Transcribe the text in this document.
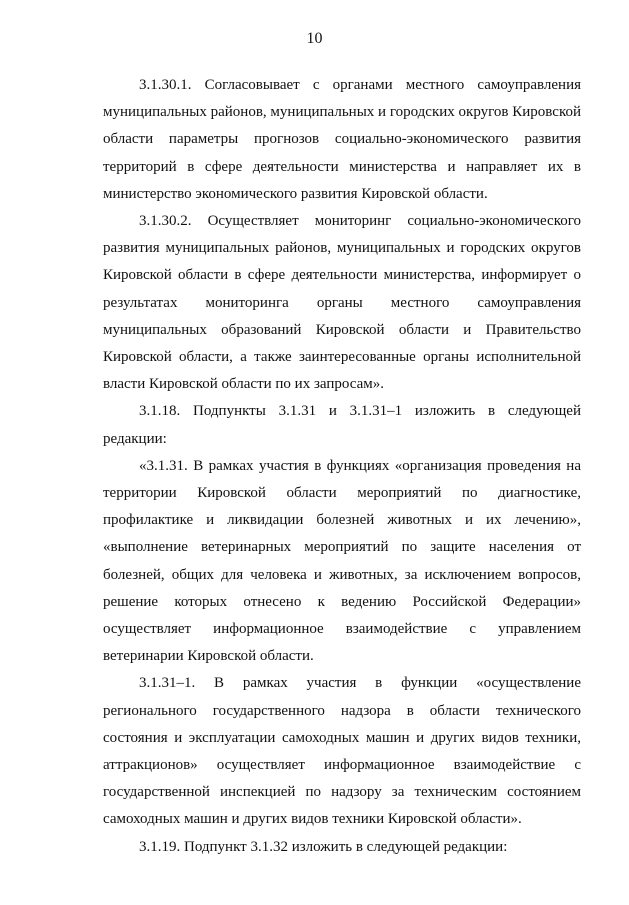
10

3.1.30.1. Согласовывает с органами местного самоуправления муниципальных районов, муниципальных и городских округов Кировской области параметры прогнозов социально-экономического развития территорий в сфере деятельности министерства и направляет их в министерство экономического развития Кировской области.

3.1.30.2. Осуществляет мониторинг социально-экономического развития муниципальных районов, муниципальных и городских округов Кировской области в сфере деятельности министерства, информирует о результатах мониторинга органы местного самоуправления муниципальных образований Кировской области и Правительство Кировской области, а также заинтересованные органы исполнительной власти Кировской области по их запросам».

3.1.18. Подпункты 3.1.31 и 3.1.31–1 изложить в следующей редакции:

«3.1.31. В рамках участия в функциях «организация проведения на территории Кировской области мероприятий по диагностике, профилактике и ликвидации болезней животных и их лечению», «выполнение ветеринарных мероприятий по защите населения от болезней, общих для человека и животных, за исключением вопросов, решение которых отнесено к ведению Российской Федерации» осуществляет информационное взаимодействие с управлением ветеринарии Кировской области.

3.1.31–1. В рамках участия в функции «осуществление регионального государственного надзора в области технического состояния и эксплуатации самоходных машин и других видов техники, аттракционов» осуществляет информационное взаимодействие с государственной инспекцией по надзору за техническим состоянием самоходных машин и других видов техники Кировской области».

3.1.19. Подпункт 3.1.32 изложить в следующей редакции:
